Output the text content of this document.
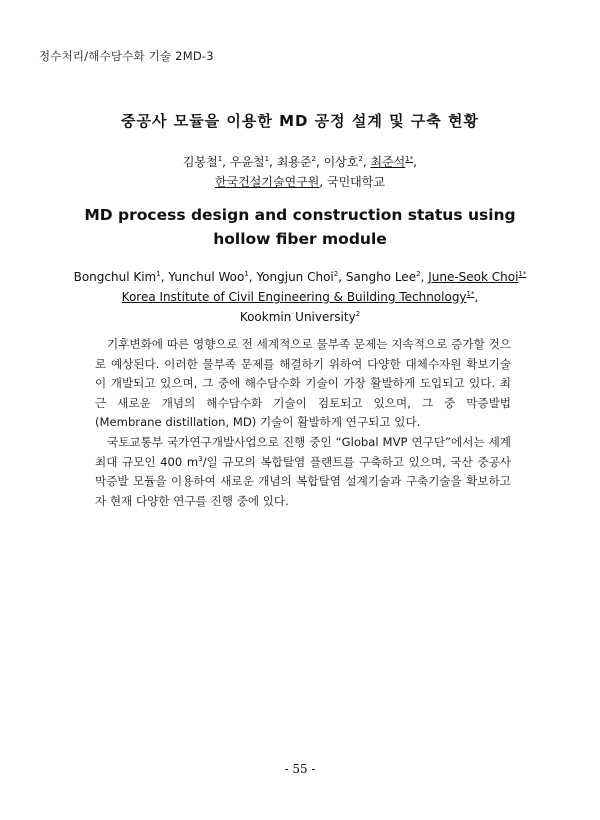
정수처리/해수담수화 기술 2MD-3
중공사 모듈을 이용한 MD 공정 설계 및 구축 현황
김봉철$^1$, 우윤철$^1$, 최용준$^2$, 이상호$^2$, 최준석$^{1*}$,
한국건설기술연구원, 국민대학교
MD process design and construction status using
hollow fiber module
Bongchul Kim$^1$, Yunchul Woo$^1$, Yongjun Choi$^2$, Sangho Lee$^2$, June-Seok Choi$^{1*}$
Korea Institute of Civil Engineering & Building Technology$^{1*}$,
Kookmin University$^2$

기후변화에 따른 영향으로 전 세계적으로 물부족 문제는 지속적으로 증가할 것으로 예상된다. 이러한 물부족 문제를 해결하기 위하여 다양한 대체수자원 확보기술이 개발되고 있으며, 그 중에 해수담수화 기술이 가장 활발하게 도입되고 있다. 최근 새로운 개념의 해수담수화 기술이 검토되고 있으며, 그 중 막증발법(Membrane distillation, MD) 기술이 활발하게 연구되고 있다.

국토교통부 국가연구개발사업으로 진행 중인 “Global MVP 연구단”에서는 세계 최대 규모인 400 $m^3/$일 규모의 복합탈염 플랜트를 구축하고 있으며, 국산 중공사 막증발 모듈을 이용하여 새로운 개념의 복합탈염 설계기술과 구축기술을 확보하고자 현재 다양한 연구를 진행 중에 있다.

- 55 -
